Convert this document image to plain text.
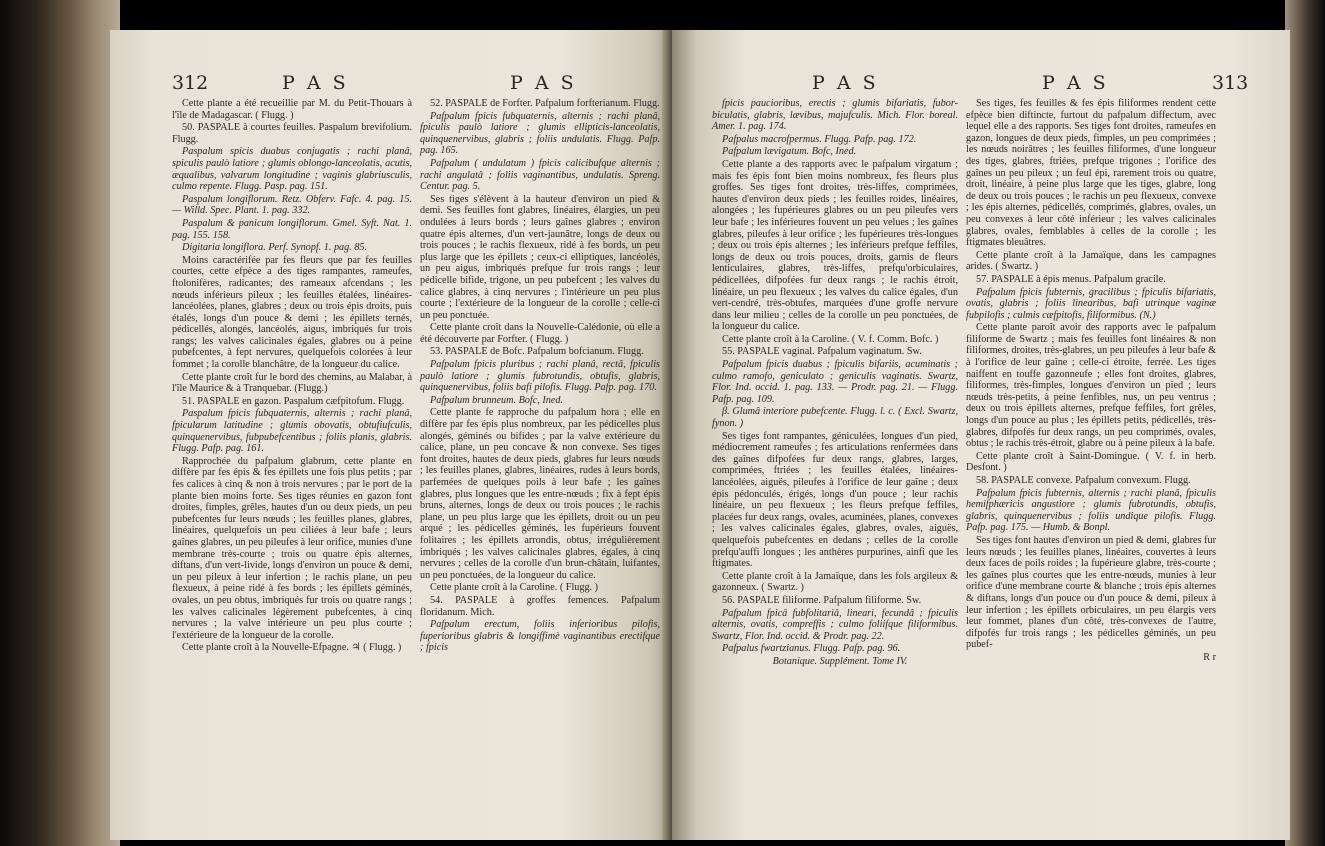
312	P A S	P A S

Cette plante a été recueillie par M. du Petit-Thouars à l'île de Madagascar. ( Flugg. )

50. PASPALE à courtes feuilles. Paspalum brevifolium. Flugg.

Paspalum spicis duabus conjugatis ; rachi planâ, spiculis paulò latiore ; glumis oblongo-lanceolatis, acutis, æqualibus, valvarum longitudine ; vaginis glabriusculis, culmo repente. Flugg. Pasp. pag. 151.

Paspalum longiflorum. Retz. Obferv. Fafc. 4. pag. 15. — Willd. Spec. Plant. 1. pag. 332.

Paspalum & panicum longiflorum. Gmel. Syft. Nat. 1. pag. 155. 158.

Digitaria longiflora. Perf. Synopf. 1. pag. 85.

Moins caractérifée par fes fleurs que par fes feuilles courtes, cette efpèce a des tiges rampantes, rameufes, ftolonifères, radicantes; des rameaux afcendans ; les nœuds inférieurs pileux ; les feuilles étalées, linéaires-lancéolées, planes, glabres ; deux ou trois épis droits, puis étalés, longs d'un pouce & demi ; les épillets ternés, pédicellés, alongés, lancéolés, aigus, imbriqués fur trois rangs; les valves calicinales égales, glabres ou à peine pubefcentes, à fept nervures, quelquefois colorées à leur fommet ; la corolle blanchâtre, de la longueur du calice.

Cette plante croît fur le bord des chemins, au Malabar, à l'île Maurice & à Tranquebar. (Flugg.)

51. PASPALE en gazon. Paspalum cæfpitofum. Flugg.

Paspalum fpicis fubquaternis, alternis ; rachi planâ, fpicularum latitudine ; glumis obovatis, obtufiufculis, quinquenervibus, fubpubefcentibus ; foliis planis, glabris. Flugg. Pafp. pag. 161.

Rapprochée du pafpalum glabrum, cette plante en diffère par fes épis & fes épillets une fois plus petits ; par fes calices à cinq & non à trois nervures ; par le port de la plante bien moins forte. Ses tiges réunies en gazon font droites, fimples, grêles, hautes d'un ou deux pieds, un peu pubefcentes fur leurs nœuds ; les feuilles planes, glabres, linéaires, quelquefois un peu ciliées à leur bafe ; leurs gaînes glabres, un peu pileufes à leur orifice, munies d'une membrane très-courte ; trois ou quatre épis alternes, diftans, d'un vert-livide, longs d'environ un pouce & demi, un peu pileux à leur infertion ; le rachis plane, un peu flexueux, à peine ridé à fes bords ; les épillets géminés, ovales, un peu obtus, imbriqués fur trois ou quatre rangs ; les valves calicinales légèrement pubefcentes, à cinq nervures ; la valve intérieure un peu plus courte ; l'extérieure de la longueur de la corolle.

Cette plante croît à la Nouvelle-Efpagne. ♃ ( Flugg. )

52. PASPALE de Forfter. Pafpalum forfterianum. Flugg.

Pafpalum fpicis fubquaternis, alternis ; rachi planâ, fpiculis paulò latiore ; glumis ellipticis-lanceolatis, quinquenervibus, glabris ; foliis undulatis. Flugg. Pafp. pag. 165.

Pafpalum ( undulatum ) fpicis calicibufque alternis ; rachi angulatâ ; foliis vaginantibus, undulatis. Spreng. Centur. pag. 5.

Ses tiges s'élèvent à la hauteur d'environ un pied & demi. Ses feuilles font glabres, linéaires, élargies, un peu ondulées à leurs bords ; leurs gaînes glabres ; environ quatre épis alternes, d'un vert-jaunâtre, longs de deux ou trois pouces ; le rachis flexueux, ridé à fes bords, un peu plus large que les épillets ; ceux-ci elliptiques, lancéolés, un peu aigus, imbriqués prefque fur trois rangs ; leur pédicelle bifide, trigone, un peu pubefcent ; les valves du calice glabres, à cinq nervures ; l'intérieure un peu plus courte ; l'extérieure de la longueur de la corolle ; celle-ci un peu ponctuée.

Cette plante croît dans la Nouvelle-Calédonie, où elle a été découverte par Forfter. ( Flugg. )

53. PASPALE de Bofc. Pafpalum bofcianum. Flugg.

Pafpalum fpicis pluribus ; rachi planâ, rectâ, fpiculis paulò latiore ; glumis fubrotundis, obtufis, glabris, quinquenervibus, foliis bafi pilofis. Flugg. Pafp. pag. 170.

Pafpalum brunneum. Bofc, Ined.

Cette plante fe rapproche du pafpalum hora ; elle en diffère par fes épis plus nombreux, par les pédicelles plus alongés, géminés ou bifides ; par la valve extérieure du calice, plane, un peu concave & non convexe. Ses tiges font droites, hautes de deux pieds, glabres fur leurs nœuds ; les feuilles planes, glabres, linéaires, rudes à leurs bords, parfemées de quelques poils à leur bafe ; les gaînes glabres, plus longues que les entre-nœuds ; fix à fept épis bruns, alternes, longs de deux ou trois pouces ; le rachis plane, un peu plus large que les épillets, droit ou un peu arqué ; les pédicelles géminés, les fupérieurs fouvent folitaires ; les épillets arrondis, obtus, irrégulièrement imbriqués ; les valves calicinales glabres, égales, à cinq nervures ; celles de la corolle d'un brun-châtain, luifantes, un peu ponctuées, de la longueur du calice.

Cette plante croît à la Caroline. ( Flugg. )

54. PASPALE à groffes femences. Pafpalum floridanum. Mich.

Pafpalum erectum, foliis inferioribus pilofis, fuperioribus glabris & longiffimè vaginantibus erectifque ; fpicis

P A S	P A S	313

fpicis paucioribus, erectis ; glumis bifariatis, fubor-biculatis, glabris, lævibus, majufculis. Mich. Flor. boreal. Amer. 1. pag. 174.

Pafpalus macrofpermus. Flugg. Pafp. pag. 172.

Pafpalum lævigatum. Bofc, Ined.

Cette plante a des rapports avec le pafpalum virgatum ; mais fes épis font bien moins nombreux, fes fleurs plus groffes. Ses tiges font droites, très-liffes, comprimées, hautes d'environ deux pieds ; les feuilles roides, linéaires, alongées ; les fupérieures glabres ou un peu pileufes vers leur bafe ; les inférieures fouvent un peu velues ; les gaînes glabres, pileufes à leur orifice ; les fupérieures très-longues ; deux ou trois épis alternes ; les inférieurs prefque feffiles, longs de deux ou trois pouces, droits, garnis de fleurs lenticulaires, glabres, très-liffes, prefqu'orbiculaires, pédicellées, difpofées fur deux rangs ; le rachis étroit, linéaire, un peu flexueux ; les valves du calice égales, d'un vert-cendré, très-obtufes, marquées d'une groffe nervure dans leur milieu ; celles de la corolle un peu ponctuées, de la longueur du calice.

Cette plante croît à la Caroline. ( V. f. Comm. Bofc. )

55. PASPALE vaginal. Pafpalum vaginatum. Sw.

Pafpalum fpicis duabus ; fpiculis bifariis, acuminatis ; culmo ramofo, geniculato ; geniculis vaginatis. Swartz, Flor. Ind. occid. 1. pag. 133. — Prodr. pag. 21. — Flugg. Pafp. pag. 109.

β. Glumâ interiore pubefcente. Flugg. l. c. ( Excl. Swartz, fynon. )

Ses tiges font rampantes, géniculées, longues d'un pied, médiocrement rameufes ; fes articulations renfermées dans des gaînes difpofées fur deux rangs, glabres, larges, comprimées, ftriées ; les feuilles étalées, linéaires-lancéolées, aiguës, pileufes à l'orifice de leur gaîne ; deux épis pédonculés, érigés, longs d'un pouce ; leur rachis linéaire, un peu flexueux ; les fleurs prefque feffiles, placées fur deux rangs, ovales, acuminées, planes, convexes ; les valves calicinales égales, glabres, ovales, aiguës, quelquefois pubefcentes en dedans ; celles de la corolle prefqu'auffi longues ; les anthères purpurines, ainfi que les ftigmates.

Cette plante croît à la Jamaïque, dans les fols argileux & gazonneux. ( Swartz. )

56. PASPALE filiforme. Pafpalum filiforme. Sw.

Pafpalum fpicâ fubfolitariâ, lineari, fecundâ ; fpiculis alternis, ovatis, compreffis ; culmo foliifque filiformibus. Swartz, Flor. Ind. occid. & Prodr. pag. 22.

Pafpalus fwartzianus. Flugg. Pafp. pag. 96.

Botanique. Supplément. Tome IV.

Ses tiges, fes feuilles & fes épis filiformes rendent cette efpèce bien diftincte, furtout du pafpalum diffectum, avec lequel elle a des rapports. Ses tiges font droites, rameufes en gazon, longues de deux pieds, fimples, un peu comprimées ; les nœuds noirâtres ; les feuilles filiformes, d'une longueur des tiges, glabres, ftriées, prefque trigones ; l'orifice des gaînes un peu pileux ; un feul épi, rarement trois ou quatre, droit, linéaire, à peine plus large que les tiges, glabre, long de deux ou trois pouces ; le rachis un peu flexueux, convexe ; les épis alternes, pédicellés, comprimés, glabres, ovales, un peu convexes à leur côté inférieur ; les valves calicinales glabres, ovales, femblables à celles de la corolle ; les ftigmates bleuâtres.

Cette plante croît à la Jamaïque, dans les campagnes arides. ( Swartz. )

57. PASPALE à épis menus. Pafpalum gracile.

Pafpalum fpicis fubternis, gracilibus ; fpiculis bifariatis, ovatis, glabris ; foliis linearibus, bafi utrinque vaginæ fubpilofis ; culmis cæfpitofis, filiformibus. (N.)

Cette plante paroît avoir des rapports avec le pafpalum filiforme de Swartz ; mais fes feuilles font linéaires & non filiformes, droites, très-glabres, un peu pileufes à leur bafe & à l'orifice de leur gaîne ; celle-ci étroite, ferrée. Les tiges naiffent en touffe gazonneufe ; elles font droites, glabres, filiformes, très-fimples, longues d'environ un pied ; leurs nœuds très-petits, à peine fenfibles, nus, un peu ventrus ; deux ou trois épillets alternes, prefque feffiles, fort grêles, longs d'un pouce au plus ; les épillets petits, pédicellés, très-glabres, difpofés fur deux rangs, un peu comprimés, ovales, obtus ; le rachis très-étroit, glabre ou à peine pileux à la bafe.

Cette plante croît à Saint-Domingue. ( V. f. in herb. Desfont. )

58. PASPALE convexe. Pafpalum convexum. Flugg.

Pafpalum fpicis fubternis, alternis ; rachi planâ, fpiculis hemifphæricis angustiore ; glumis fubrotundis, obtufis, glabris, quinquenervibus ; foliis undique pilofis. Flugg. Pafp. pag. 175. — Humb. & Bonpl.

Ses tiges font hautes d'environ un pied & demi, glabres fur leurs nœuds ; les feuilles planes, linéaires, couvertes à leurs deux faces de poils roides ; la fupérieure glabre, très-courte ; les gaînes plus courtes que les entre-nœuds, munies à leur orifice d'une membrane courte & blanche ; trois épis alternes & diftans, longs d'un pouce ou d'un pouce & demi, pileux à leur infertion ; les épillets orbiculaires, un peu élargis vers leur fommet, planes d'un côté, très-convexes de l'autre, difpofés fur trois rangs ; les pédicelles géminés, un peu pubef-

R r
